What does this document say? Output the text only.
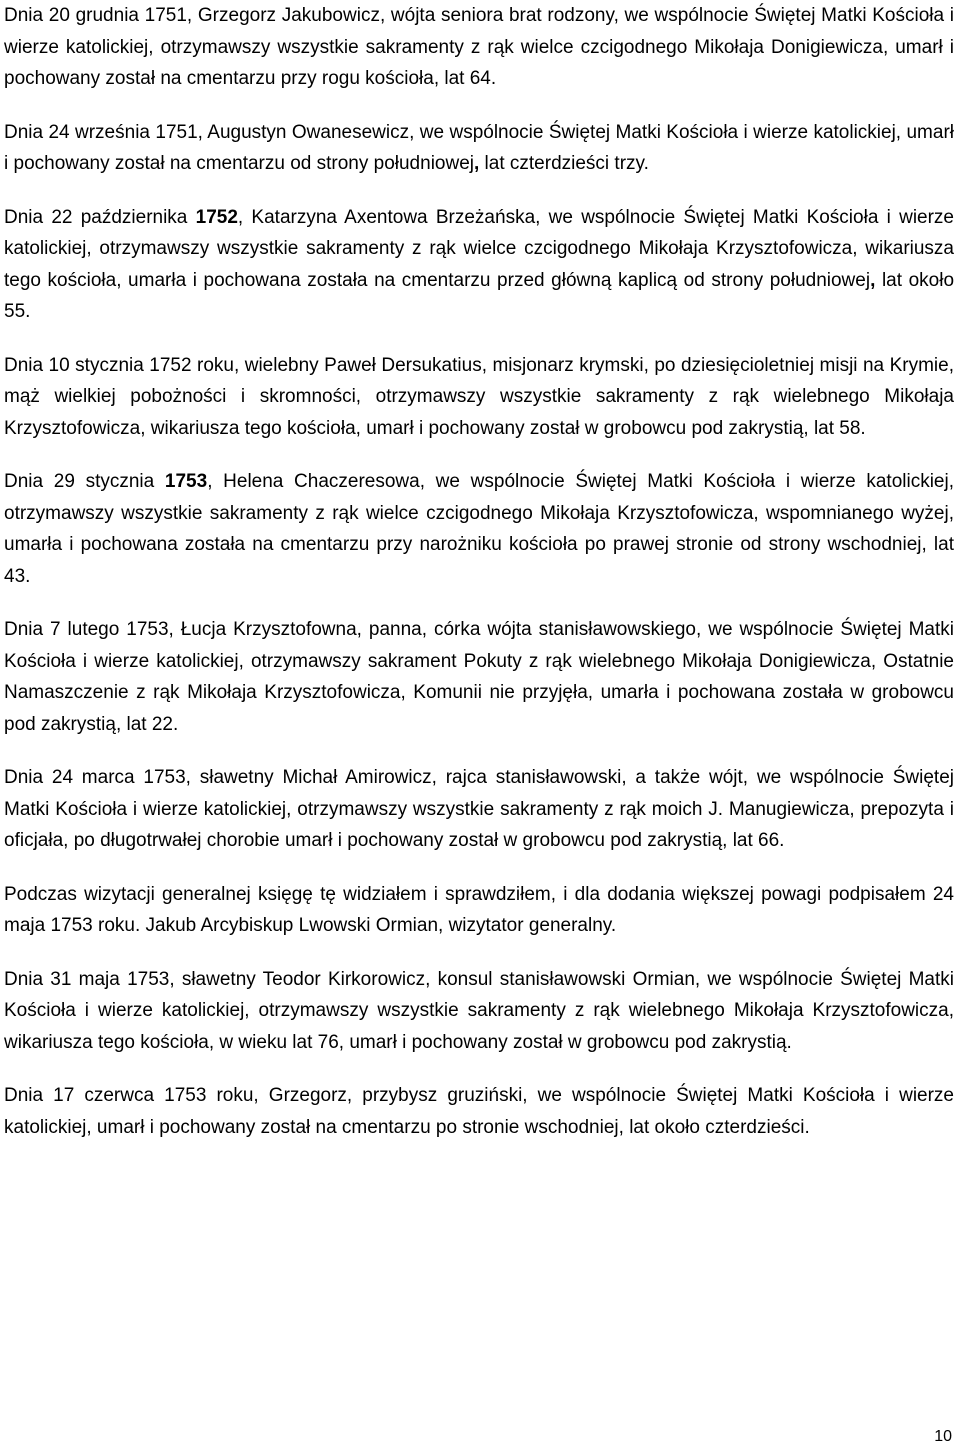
Dnia 20 grudnia 1751, Grzegorz Jakubowicz, wójta seniora brat rodzony, we wspólnocie Świętej Matki Kościoła i wierze katolickiej, otrzymawszy wszystkie sakramenty z rąk wielce czcigodnego Mikołaja Donigiewicza, umarł i pochowany został na cmentarzu przy rogu kościoła, lat 64.

Dnia 24 września 1751, Augustyn Owanesewicz, we wspólnocie Świętej Matki Kościoła i wierze katolickiej, umarł i pochowany został na cmentarzu od strony południowej, lat czterdzieści trzy.

Dnia 22 października 1752, Katarzyna Axentowa Brzeżańska, we wspólnocie Świętej Matki Kościoła i wierze katolickiej, otrzymawszy wszystkie sakramenty z rąk wielce czcigodnego Mikołaja Krzysztofowicza, wikariusza tego kościoła, umarła i pochowana została na cmentarzu przed główną kaplicą od strony południowej, lat około 55.

Dnia 10 stycznia 1752 roku, wielebny Paweł Dersukatius, misjonarz krymski, po dziesięcioletniej misji na Krymie, mąż wielkiej pobożności i skromności, otrzymawszy wszystkie sakramenty z rąk wielebnego Mikołaja Krzysztofowicza, wikariusza tego kościoła, umarł i pochowany został w grobowcu pod zakrystią, lat 58.

Dnia 29 stycznia 1753, Helena Chaczeresowa, we wspólnocie Świętej Matki Kościoła i wierze katolickiej, otrzymawszy wszystkie sakramenty z rąk wielce czcigodnego Mikołaja Krzysztofowicza, wspomnianego wyżej, umarła i pochowana została na cmentarzu przy narożniku kościoła po prawej stronie od strony wschodniej, lat 43.

Dnia 7 lutego 1753, Łucja Krzysztofowna, panna, córka wójta stanisławowskiego, we wspólnocie Świętej Matki Kościoła i wierze katolickiej, otrzymawszy sakrament Pokuty z rąk wielebnego Mikołaja Donigiewicza, Ostatnie Namaszczenie z rąk Mikołaja Krzysztofowicza, Komunii nie przyjęła, umarła i pochowana została w grobowcu pod zakrystią, lat 22.

Dnia 24 marca 1753, sławetny Michał Amirowicz, rajca stanisławowski, a także wójt, we wspólnocie Świętej Matki Kościoła i wierze katolickiej, otrzymawszy wszystkie sakramenty z rąk moich J. Manugiewicza, prepozyta i oficjała, po długotrwałej chorobie umarł i pochowany został w grobowcu pod zakrystią, lat 66.

Podczas wizytacji generalnej księgę tę widziałem i sprawdziłem, i dla dodania większej powagi podpisałem 24 maja 1753 roku. Jakub Arcybiskup Lwowski Ormian, wizytator generalny.

Dnia 31 maja 1753, sławetny Teodor Kirkorowicz, konsul stanisławowski Ormian, we wspólnocie Świętej Matki Kościoła i wierze katolickiej, otrzymawszy wszystkie sakramenty z rąk wielebnego Mikołaja Krzysztofowicza, wikariusza tego kościoła, w wieku lat 76, umarł i pochowany został w grobowcu pod zakrystią.

Dnia 17 czerwca 1753 roku, Grzegorz, przybysz gruziński, we wspólnocie Świętej Matki Kościoła i wierze katolickiej, umarł i pochowany został na cmentarzu po stronie wschodniej, lat około czterdzieści.

10
